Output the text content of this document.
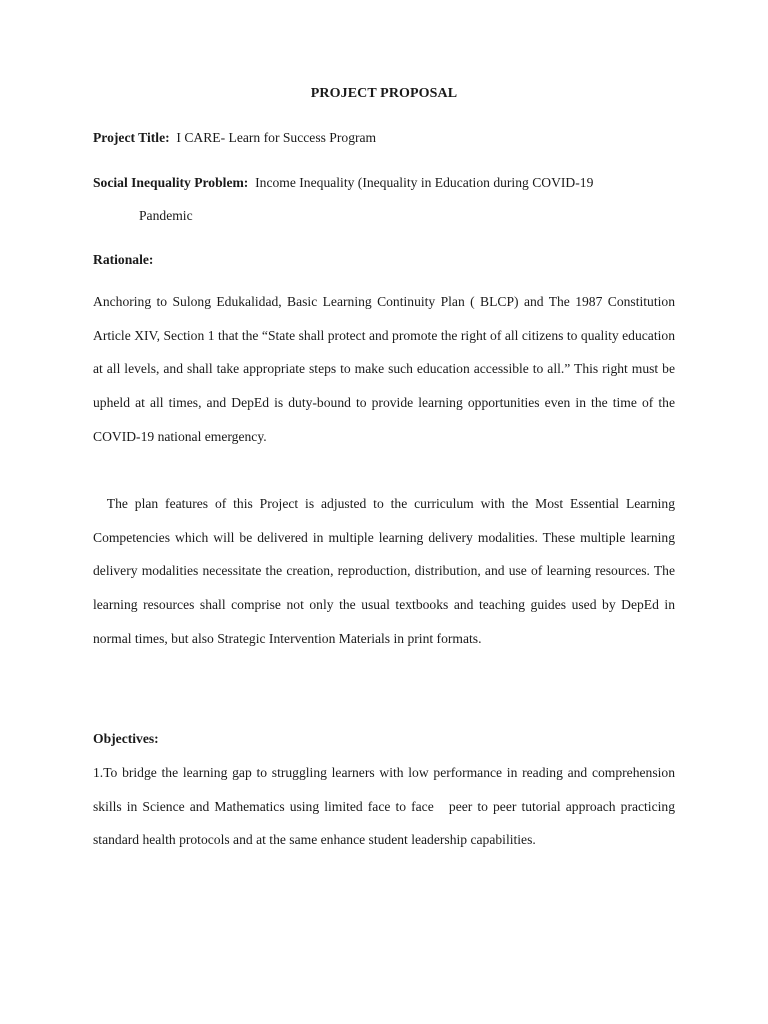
PROJECT PROPOSAL
Project Title: I CARE- Learn for Success Program
Social Inequality Problem: Income Inequality (Inequality in Education during COVID-19
Pandemic
Rationale:

Anchoring to Sulong Edukalidad, Basic Learning Continuity Plan ( BLCP) and The 1987 Constitution Article XIV, Section 1 that the “State shall protect and promote the right of all citizens to quality education at all levels, and shall take appropriate steps to make such education accessible to all.” This right must be upheld at all times, and DepEd is duty-bound to provide learning opportunities even in the time of the COVID-19 national emergency.

The plan features of this Project is adjusted to the curriculum with the Most Essential Learning Competencies which will be delivered in multiple learning delivery modalities. These multiple learning delivery modalities necessitate the creation, reproduction, distribution, and use of learning resources. The learning resources shall comprise not only the usual textbooks and teaching guides used by DepEd in normal times, but also Strategic Intervention Materials in print formats.

Objectives:

1.To bridge the learning gap to struggling learners with low performance in reading and comprehension skills in Science and Mathematics using limited face to face   peer to peer tutorial approach practicing standard health protocols and at the same enhance student leadership capabilities.
